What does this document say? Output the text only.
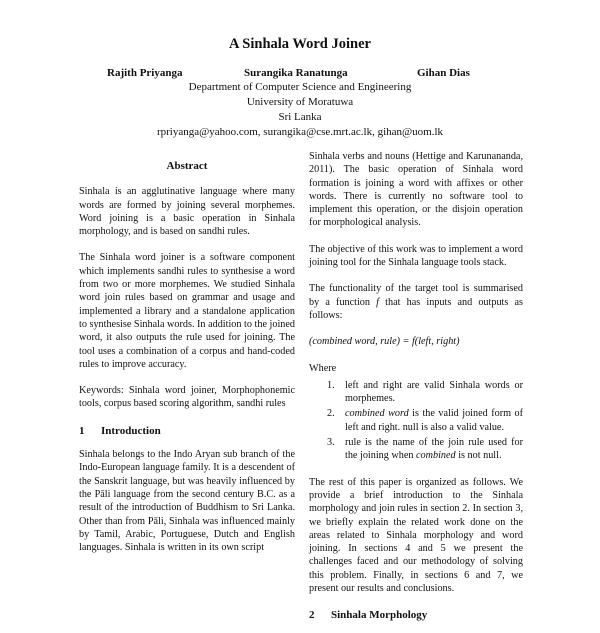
A Sinhala Word Joiner
Rajith Priyanga	Surangika Ranatunga	Gihan Dias
Department of Computer Science and Engineering
University of Moratuwa
Sri Lanka
rpriyanga@yahoo.com, surangika@cse.mrt.ac.lk, gihan@uom.lk
Abstract

Sinhala is an agglutinative language where many words are formed by joining several morphemes. Word joining is a basic operation in Sinhala morphology, and is based on sandhi rules.

The Sinhala word joiner is a software component which implements sandhi rules to synthesise a word from two or more morphemes. We studied Sinhala word join rules based on grammar and usage and implemented a library and a standalone application to synthesise Sinhala words. In addition to the joined word, it also outputs the rule used for joining. The tool uses a combination of a corpus and hand-coded rules to improve accuracy.

Keywords: Sinhala word joiner, Morphophonemic tools, corpus based scoring algorithm, sandhi rules

1 Introduction

Sinhala belongs to the Indo Aryan sub branch of the Indo-European language family. It is a descendent of the Sanskrit language, but was heavily influenced by the Pāli language from the second century B.C. as a result of the introduction of Buddhism to Sri Lanka. Other than from Pāli, Sinhala was influenced mainly by Tamil, Arabic, Portuguese, Dutch and English languages. Sinhala is written in its own script

Sinhala verbs and nouns (Hettige and Karunananda, 2011). The basic operation of Sinhala word formation is joining a word with affixes or other words. There is currently no software tool to implement this operation, or the disjoin operation for morphological analysis.

The objective of this work was to implement a word joining tool for the Sinhala language tools stack.

The functionality of the target tool is summarised by a function f that has inputs and outputs as follows:

(combined word, rule) = f(left, right)

Where

1. left and right are valid Sinhala words or morphemes.
2. combined word is the valid joined form of left and right. null is also a valid value.
3. rule is the name of the join rule used for the joining when combined is not null.

The rest of this paper is organized as follows. We provide a brief introduction to the Sinhala morphology and join rules in section 2. In section 3, we briefly explain the related work done on the areas related to Sinhala morphology and word joining. In sections 4 and 5 we present the challenges faced and our methodology of solving this problem. Finally, in sections 6 and 7, we present our results and conclusions.

2 Sinhala Morphology
